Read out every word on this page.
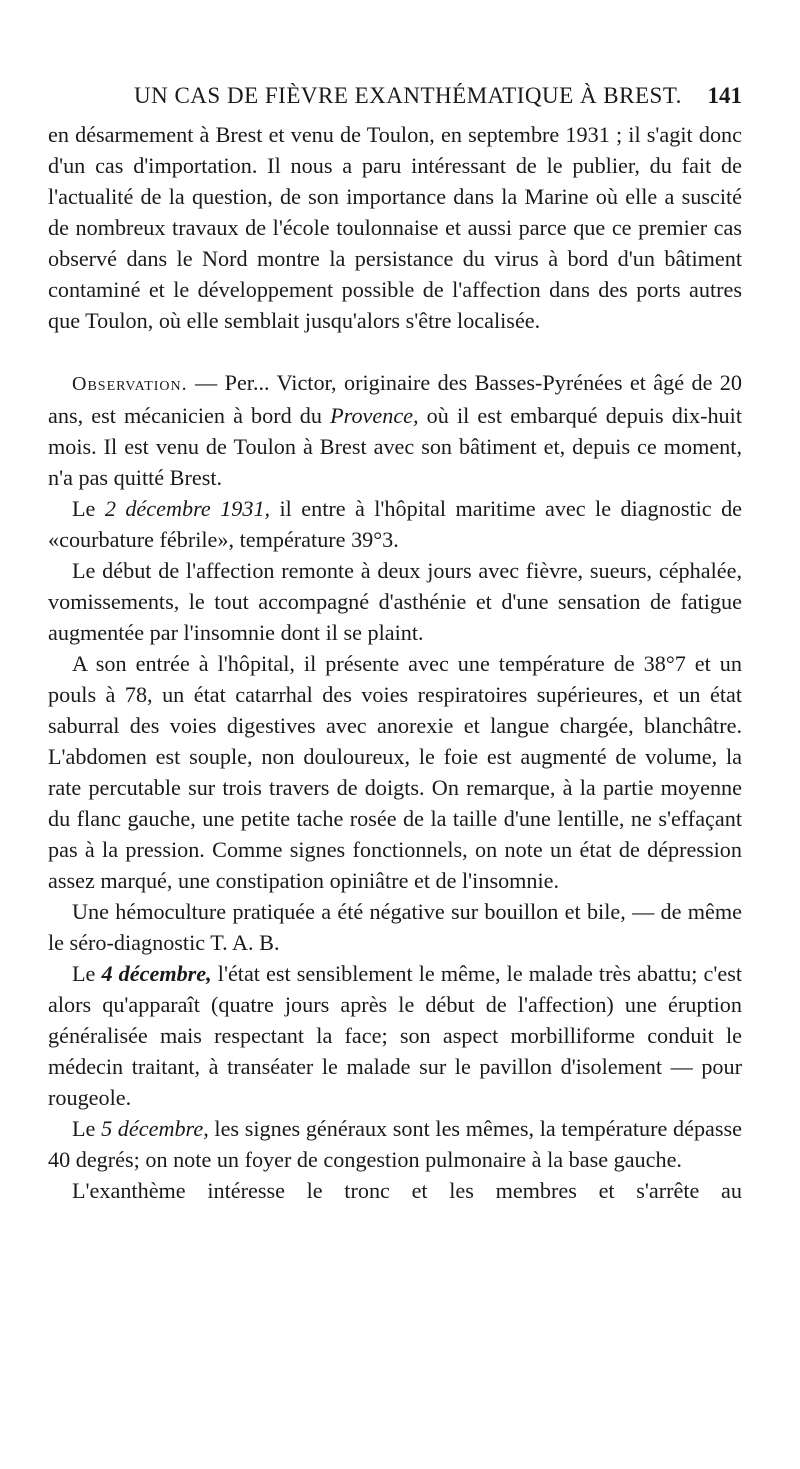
UN CAS DE FIÈVRE EXANTHÉMATIQUE À BREST. 141

en désarmement à Brest et venu de Toulon, en septembre 1931 ; il s'agit donc d'un cas d'importation. Il nous a paru intéressant de le publier, du fait de l'actualité de la question, de son importance dans la Marine où elle a suscité de nombreux travaux de l'école toulonnaise et aussi parce que ce premier cas observé dans le Nord montre la persistance du virus à bord d'un bâtiment contaminé et le développement possible de l'affection dans des ports autres que Toulon, où elle semblait jusqu'alors s'être localisée.

Observation. — Per... Victor, originaire des Basses-Pyrénées et âgé de 20 ans, est mécanicien à bord du Provence, où il est embarqué depuis dix-huit mois. Il est venu de Toulon à Brest avec son bâtiment et, depuis ce moment, n'a pas quitté Brest.

Le 2 décembre 1931, il entre à l'hôpital maritime avec le diagnostic de «courbature fébrile», température 39°3.

Le début de l'affection remonte à deux jours avec fièvre, sueurs, céphalée, vomissements, le tout accompagné d'asthénie et d'une sensation de fatigue augmentée par l'insomnie dont il se plaint.

A son entrée à l'hôpital, il présente avec une température de 38°7 et un pouls à 78, un état catarrhal des voies respiratoires supérieures, et un état saburral des voies digestives avec anorexie et langue chargée, blanchâtre. L'abdomen est souple, non douloureux, le foie est augmenté de volume, la rate percutable sur trois travers de doigts. On remarque, à la partie moyenne du flanc gauche, une petite tache rosée de la taille d'une lentille, ne s'effaçant pas à la pression. Comme signes fonctionnels, on note un état de dépression assez marqué, une constipation opiniâtre et de l'insomnie.

Une hémoculture pratiquée a été négative sur bouillon et bile, — de même le séro-diagnostic T. A. B.

Le 4 décembre, l'état est sensiblement le même, le malade très abattu; c'est alors qu'apparaît (quatre jours après le début de l'affection) une éruption généralisée mais respectant la face; son aspect morbilliforme conduit le médecin traitant, à transéater le malade sur le pavillon d'isolement — pour rougeole.

Le 5 décembre, les signes généraux sont les mêmes, la température dépasse 40 degrés; on note un foyer de congestion pulmonaire à la base gauche.

L'exanthème intéresse le tronc et les membres et s'arrête au
